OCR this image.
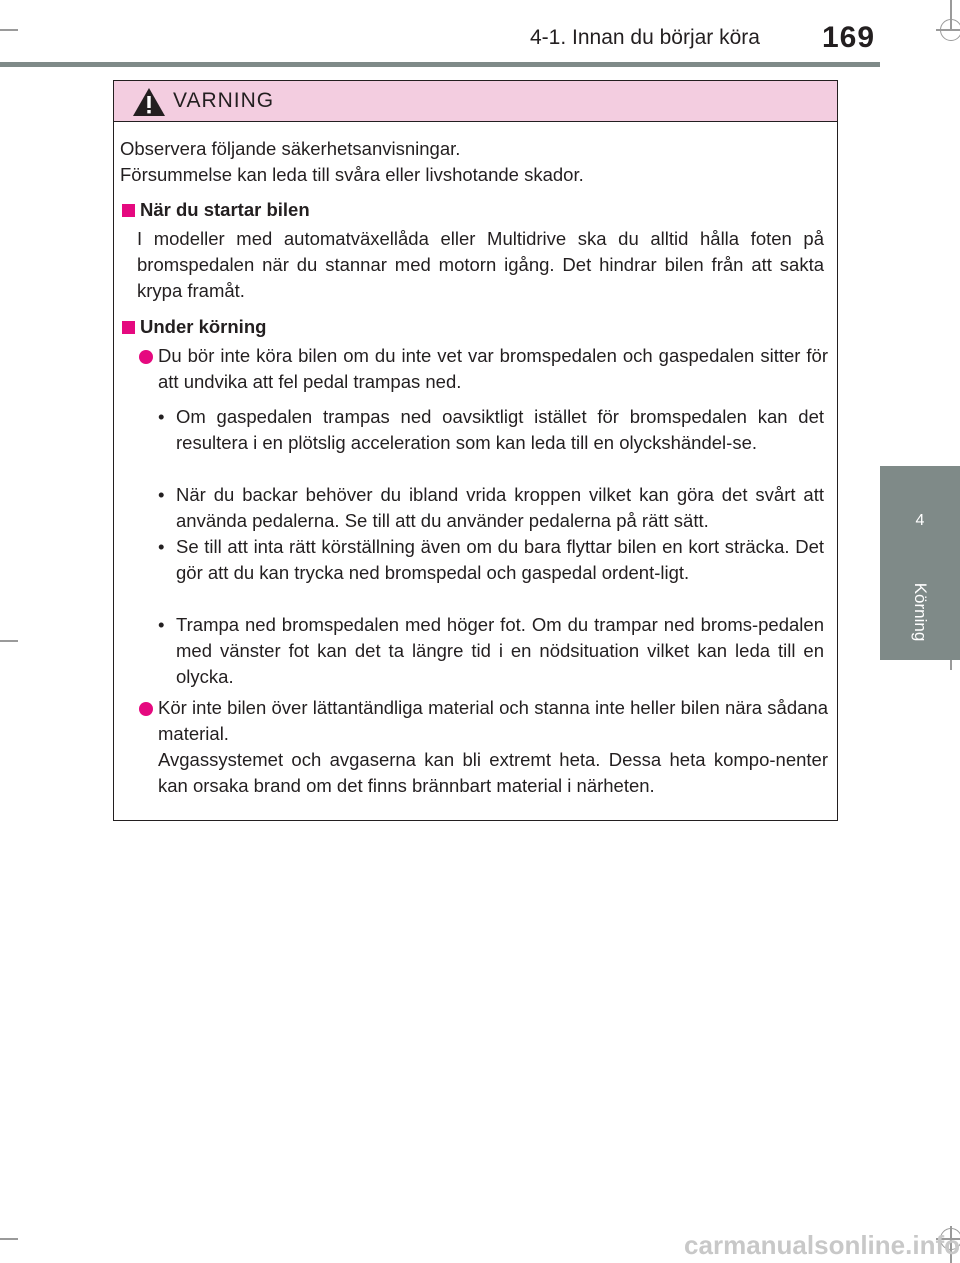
4-1. Innan du börjar köra 169
4
Körning
VARNING
Observera följande säkerhetsanvisningar.
Försummelse kan leda till svåra eller livshotande skador.
När du startar bilen
I modeller med automatväxellåda eller Multidrive ska du alltid hålla foten på bromspedalen när du stannar med motorn igång. Det hindrar bilen från att sakta krypa framåt.
Under körning
Du bör inte köra bilen om du inte vet var bromspedalen och gaspedalen sitter för att undvika att fel pedal trampas ned.
• Om gaspedalen trampas ned oavsiktligt istället för bromspedalen kan det resultera i en plötslig acceleration som kan leda till en olyckshändel-se.
• När du backar behöver du ibland vrida kroppen vilket kan göra det svårt att använda pedalerna. Se till att du använder pedalerna på rätt sätt.
• Se till att inta rätt körställning även om du bara flyttar bilen en kort sträcka. Det gör att du kan trycka ned bromspedal och gaspedal ordent-ligt.
• Trampa ned bromspedalen med höger fot. Om du trampar ned broms-pedalen med vänster fot kan det ta längre tid i en nödsituation vilket kan leda till en olycka.
Kör inte bilen över lättantändliga material och stanna inte heller bilen nära sådana material.
Avgassystemet och avgaserna kan bli extremt heta. Dessa heta kompo-nenter kan orsaka brand om det finns brännbart material i närheten.
carmanualsonline.info
